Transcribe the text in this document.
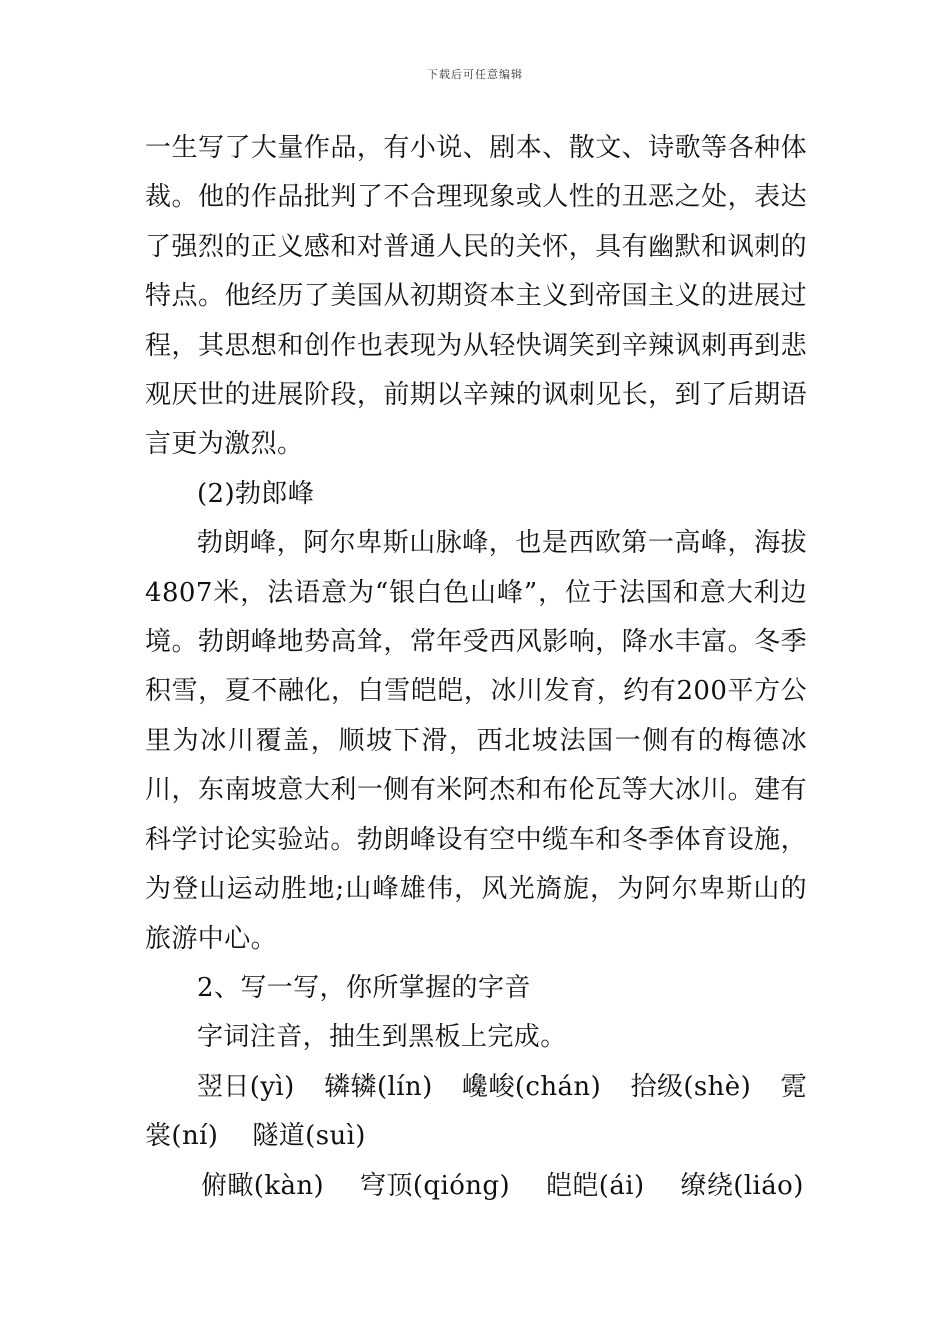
下载后可任意编辑

一生写了大量作品，有小说、剧本、散文、诗歌等各种体裁。他的作品批判了不合理现象或人性的丑恶之处，表达了强烈的正义感和对普通人民的关怀，具有幽默和讽刺的特点。他经历了美国从初期资本主义到帝国主义的进展过程，其思想和创作也表现为从轻快调笑到辛辣讽刺再到悲观厌世的进展阶段，前期以辛辣的讽刺见长，到了后期语言更为激烈。

(2)勃郎峰

勃朗峰，阿尔卑斯山脉峰，也是西欧第一高峰，海拔4807米，法语意为“银白色山峰”，位于法国和意大利边境。勃朗峰地势高耸，常年受西风影响，降水丰富。冬季积雪，夏不融化，白雪皑皑，冰川发育，约有200平方公里为冰川覆盖，顺坡下滑，西北坡法国一侧有的梅德冰川，东南坡意大利一侧有米阿杰和布伦瓦等大冰川。建有科学讨论实验站。勃朗峰设有空中缆车和冬季体育设施，为登山运动胜地;山峰雄伟，风光旖旎，为阿尔卑斯山的旅游中心。

2、写一写，你所掌握的字音

字词注音，抽生到黑板上完成。

翌日(yì) 辚辚(lín) 巉峻(chán) 拾级(shè) 霓
裳(ní) 隧道(suì)
俯瞰(kàn) 穹顶(qióng) 皑皑(ái) 缭绕(liáo)
